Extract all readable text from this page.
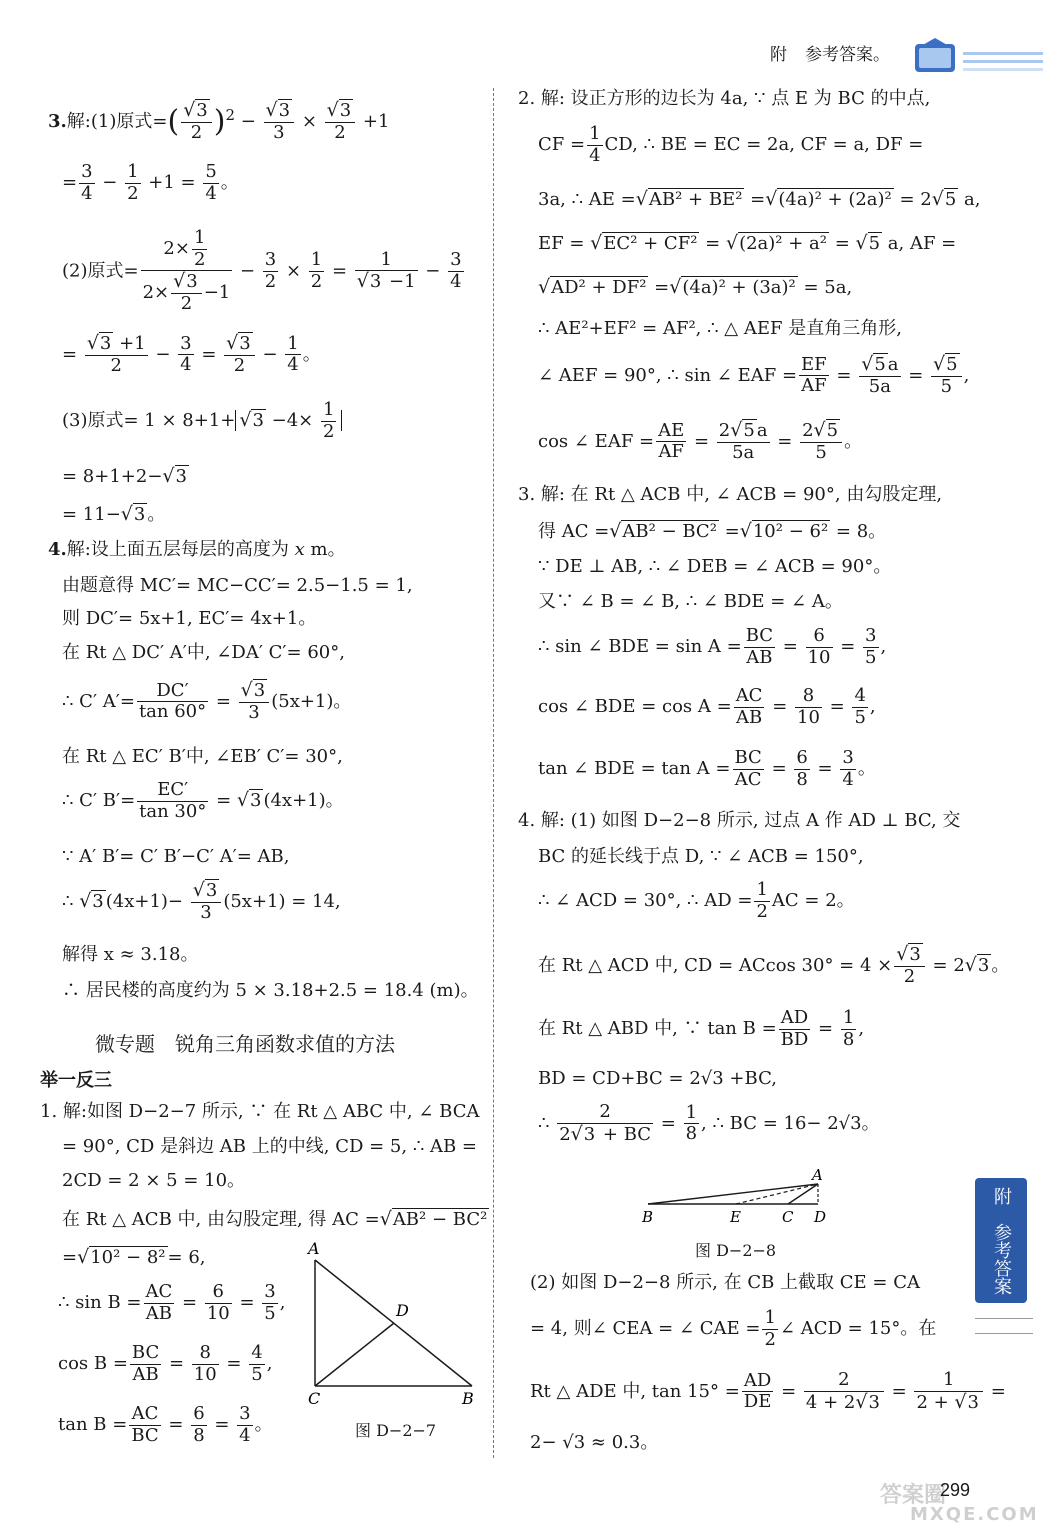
附 参考答案。
3.解:(1)原式=( $\frac{√3}{2} )^2 - \frac{√3}{3} \times \frac{√3}{2} +1$
= $\frac{3}{4} - \frac{1}{2} +1 = \frac{5}{4}$ 。
(2)原式= $\frac{2\times \frac{1}{2}}{2\times \frac{√3}{2} -1} - \frac{3}{2} \times \frac{1}{2} = \frac{1}{√3 -1} - \frac{3}{4}$
= $\frac{√3 +1}{2} - \frac{3}{4} = \frac{√3}{2} - \frac{1}{4}$ 。
(3)原式= $1 \times 8+1+ √3 -4\times \frac{1}{2}$
= 8+1+2−√3
= 11−√3 。
4.解:设上面五层每层的高度为 x m。
由题意得 MC′= MC−CC′= 2.5−1.5 = 1,
则 DC′= 5x+1, EC′= 4x+1。
在 Rt △ DC′ A′中, ∠DA′ C′= 60°,
∴ C′ $A'= \frac{DC'}{\tan 60^\circ} = \frac{√3}{3} (5x+1)$。
在 Rt △ EC′ B′中, ∠EB′ C′= 30°,
∴ C′ $B'= \frac{EC'}{\tan 30^\circ} = √3$ (4x+1)。
∵ A′ B′= C′ B′−C′ A′= AB,
∴ √3 $(4x+1)- \frac{√3}{3} (5x+1) = 14$,
解得 x ≈ 3.18。
∴ 居民楼的高度约为 5 × 3.18+2.5 = 18.4 (m)。
微专题　锐角三角函数求值的方法
举一反三
1. 解:如图 D−2−7 所示, ∵ 在 Rt △ ABC 中, ∠ BCA
= 90°, CD 是斜边 AB 上的中线, CD = 5, ∴ AB =
2CD = 2 × 5 = 10。
在 Rt △ ACB 中, 由勾股定理, 得 AC =√AB² − BC²
=√10² − 8² = 6,
∴ $\sin B = \frac{AC}{AB} = \frac{6}{10} = \frac{3}{5}$ ,
$\cos B = \frac{BC}{AB} = \frac{8}{10} = \frac{4}{5}$ ,
$\tan B = \frac{AC}{BC} = \frac{6}{8} = \frac{3}{4}$ 。
A
C	B
D
图 D−2−7
2. 解: 设正方形的边长为 4a, ∵ 点 E 为 BC 的中点,
CF = $\frac{1}{4}$ CD, ∴ BE = EC = 2a, CF = a, DF =
3a, ∴ AE =√AB² + BE² =√(4a)² + (2a)² = 2√5 a,
EF = √EC² + CF² = √(2a)² + a² = √5 a, AF =
√AD² + DF² =√(4a)² + (3a)² = 5a,
∴ AE²+EF² = AF², ∴ △ AEF 是直角三角形,
∠ AEF = 90°, ∴ sin ∠ EAF = $\frac{EF}{AF} = \frac{√5 a}{5a} = \frac{√5}{5}$ ,
cos ∠ EAF = $\frac{AE}{AF} = \frac{2√5 a}{5a} = \frac{2√5}{5}$ 。
3. 解: 在 Rt △ ACB 中, ∠ ACB = 90°, 由勾股定理,
得 AC =√AB² − BC² =√10² − 6² = 8。
∵ DE ⊥ AB, ∴ ∠ DEB = ∠ ACB = 90°。
又∵ ∠ B = ∠ B, ∴ ∠ BDE = ∠ A。
∴ sin ∠ BDE = $\sin A = \frac{BC}{AB} = \frac{6}{10} = \frac{3}{5}$ ,
cos ∠ BDE = $\cos A = \frac{AC}{AB} = \frac{8}{10} = \frac{4}{5}$ ,
tan ∠ BDE = $\tan A = \frac{BC}{AC} = \frac{6}{8} = \frac{3}{4}$ 。
4. 解: (1) 如图 D−2−8 所示, 过点 A 作 AD ⊥ BC, 交
BC 的延长线于点 D, ∵ ∠ ACB = 150°,
∴ ∠ ACD = 30°, ∴ AD = $\frac{1}{2}$ AC = 2。
在 Rt △ ACD 中, CD = ACcos $30^\circ = 4 \times \frac{√3}{2} = 2√3$ 。
在 Rt △ ABD 中, ∵ $\tan B = \frac{AD}{BD} = \frac{1}{8}$ ,
BD = CD+BC = 2√3 +BC,
∴ $\frac{2}{2√3 + BC} = \frac{1}{8}$ , ∴ BC = 16− 2√3。
A
B	E	C D
图 D−2−8
(2) 如图 D−2−8 所示, 在 CB 上截取 CE = CA
= 4, 则∠ CEA = ∠ CAE = $\frac{1}{2}$ ∠ ACD = 15°。在
Rt △ ADE 中, $\tan 15^\circ = \frac{AD}{DE} = \frac{2}{4 + 2√3} = \frac{1}{2 + √3}$ =
2− √3 ≈ 0.3。
附　参考答案
答案圈
MXQE.COM
299
